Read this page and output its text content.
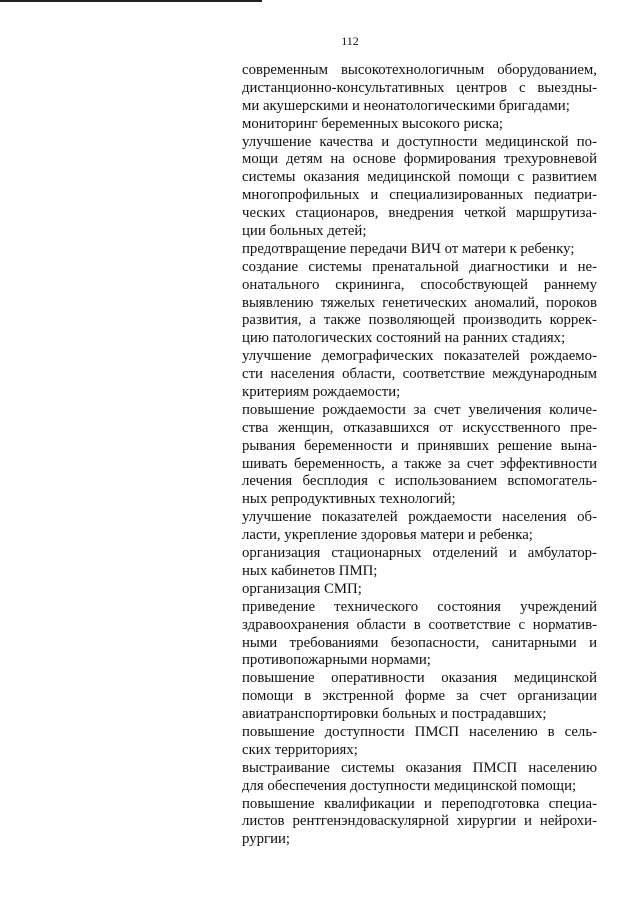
112
современным высокотехнологичным оборудованием,
дистанционно-консультативных центров с выездны-
ми акушерскими и неонатологическими бригадами;
мониторинг беременных высокого риска;
улучшение качества и доступности медицинской по-
мощи детям на основе формирования трехуровневой
системы оказания медицинской помощи с развитием
многопрофильных и специализированных педиатри-
ческих стационаров, внедрения четкой маршрутиза-
ции больных детей;
предотвращение передачи ВИЧ от матери к ребенку;
создание системы пренатальной диагностики и не-
онатального скрининга, способствующей раннему
выявлению тяжелых генетических аномалий, пороков
развития, а также позволяющей производить коррек-
цию патологических состояний на ранних стадиях;
улучшение демографических показателей рождаемо-
сти населения области, соответствие международным
критериям рождаемости;
повышение рождаемости за счет увеличения количе-
ства женщин, отказавшихся от искусственного пре-
рывания беременности и принявших решение вына-
шивать беременность, а также за счет эффективности
лечения бесплодия с использованием вспомогатель-
ных репродуктивных технологий;
улучшение показателей рождаемости населения об-
ласти, укрепление здоровья матери и ребенка;
организация стационарных отделений и амбулатор-
ных кабинетов ПМП;
организация СМП;
приведение технического состояния учреждений
здравоохранения области в соответствие с норматив-
ными требованиями безопасности, санитарными и
противопожарными нормами;
повышение оперативности оказания медицинской
помощи в экстренной форме за счет организации
авиатранспортировки больных и пострадавших;
повышение доступности ПМСП населению в сель-
ских территориях;
выстраивание системы оказания ПМСП населению
для обеспечения доступности медицинской помощи;
повышение квалификации и переподготовка специа-
листов рентгенэндоваскулярной хирургии и нейрохи-
рургии;
